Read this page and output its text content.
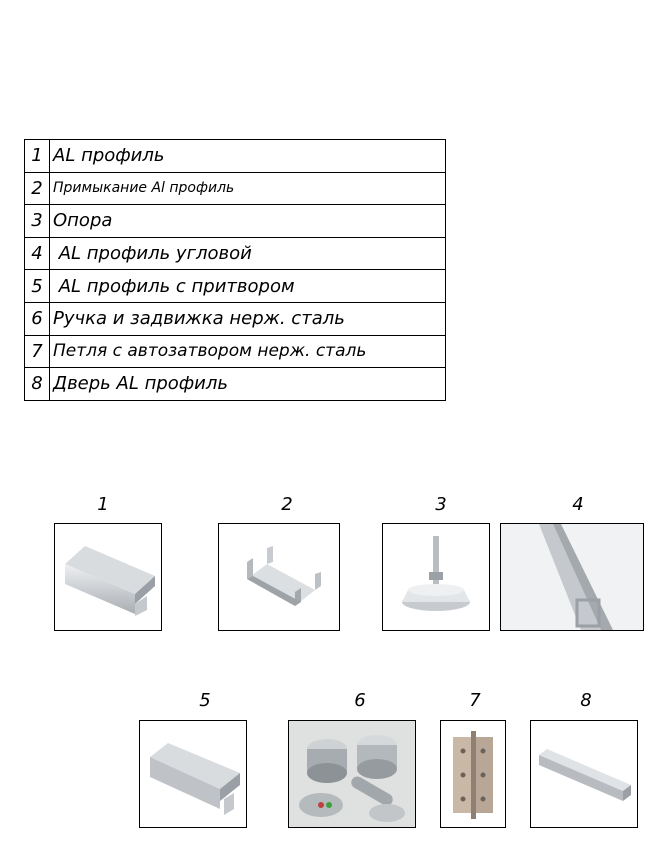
1	AL профиль
2	Примыкание Al профиль
3	Опора
4	AL профиль угловой
5	AL профиль с притвором
6	Ручка и задвижка нерж. сталь
7	Петля с автозатвором нерж. сталь
8	Дверь AL профиль
1	2	3	4
5	6	7	8
